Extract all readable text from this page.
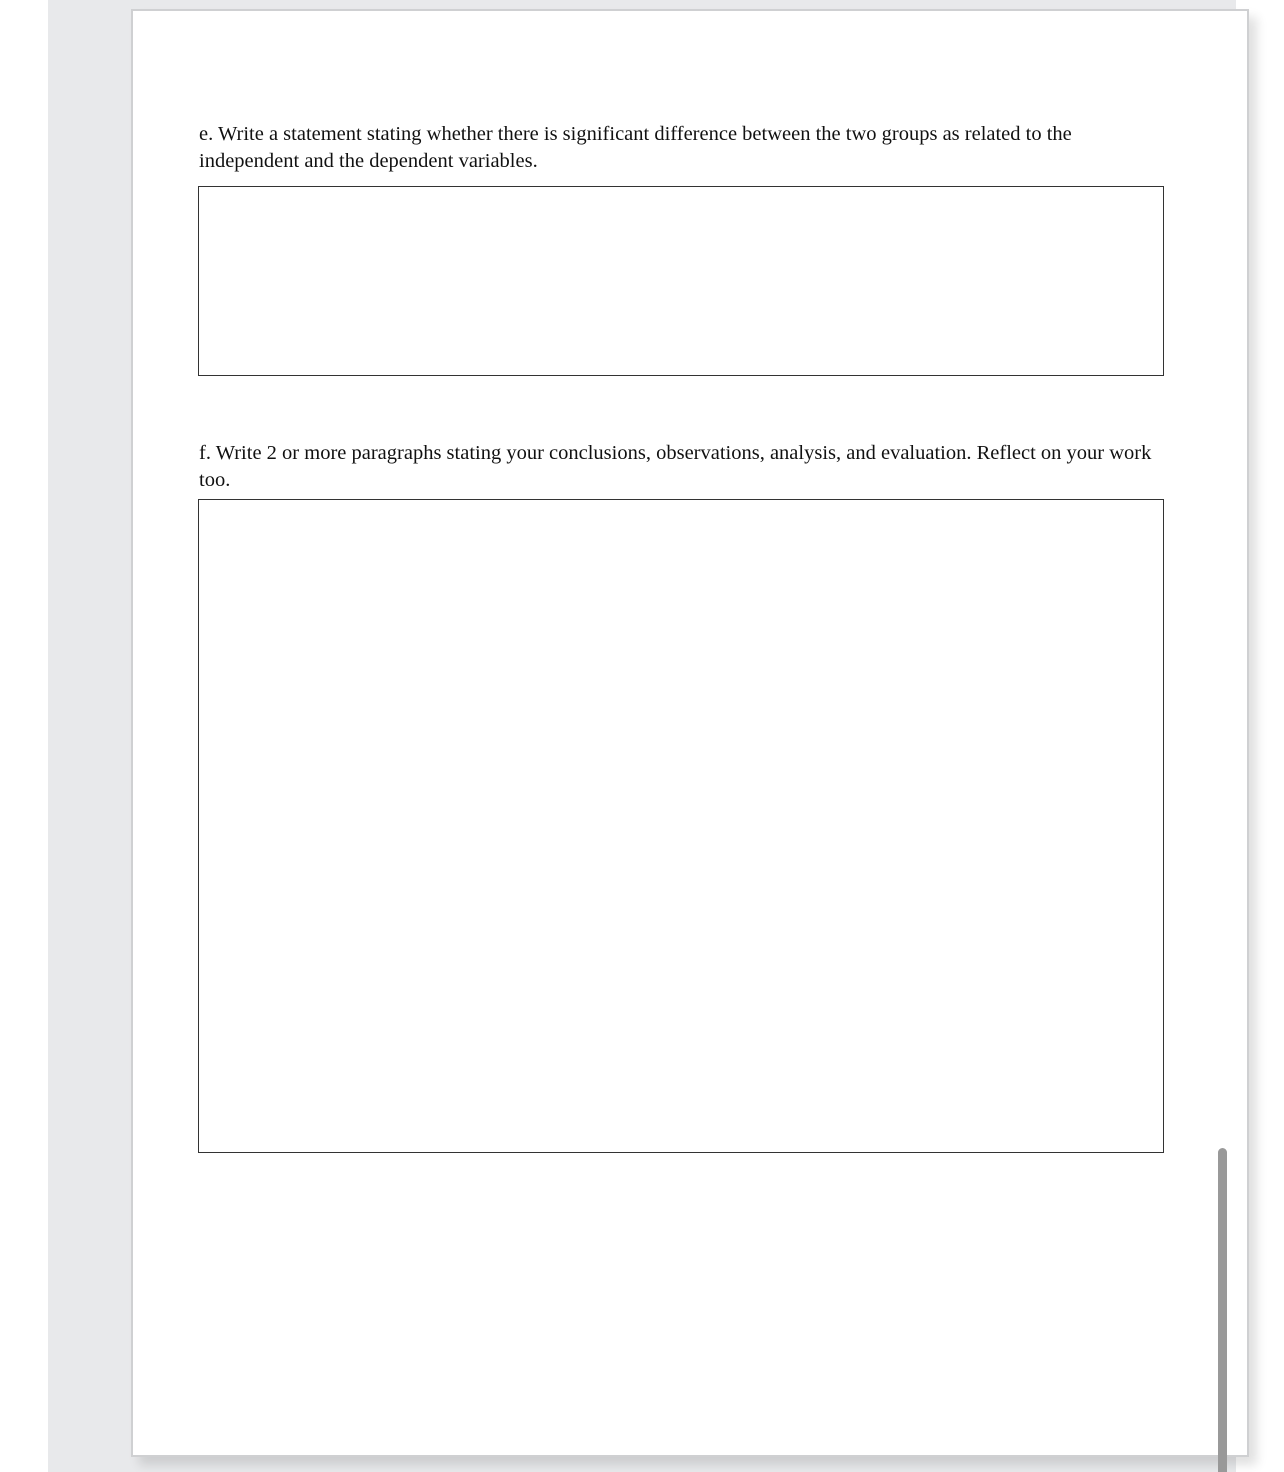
e. Write a statement stating whether there is significant difference between the two groups as related to the independent and the dependent variables.
f. Write 2 or more paragraphs stating your conclusions, observations, analysis, and evaluation. Reflect on your work too.
